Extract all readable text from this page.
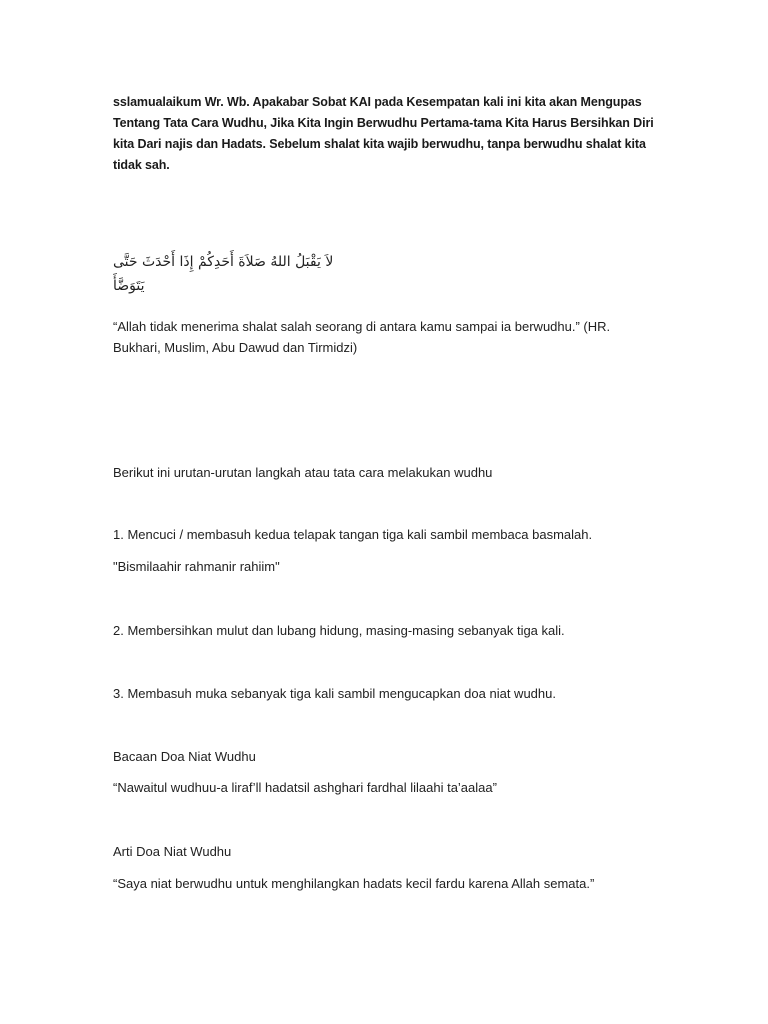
sslamualaikum Wr. Wb. Apakabar Sobat KAI pada Kesempatan kali ini kita akan Mengupas Tentang Tata Cara Wudhu, Jika Kita Ingin Berwudhu Pertama-tama Kita Harus Bersihkan Diri kita Dari najis dan Hadats. Sebelum shalat kita wajib berwudhu, tanpa berwudhu shalat kita tidak sah.

لاَ يَقْبَلُ اللهُ صَلاَةَ أَحَدِكُمْ إِذَا أَحْدَثَ حَتَّى يَتَوَضَّأَ
“Allah tidak menerima shalat salah seorang di antara kamu sampai ia berwudhu.” (HR. Bukhari, Muslim, Abu Dawud dan Tirmidzi)
Berikut ini urutan-urutan langkah atau tata cara melakukan wudhu
1. Mencuci / membasuh kedua telapak tangan tiga kali sambil membaca basmalah.
"Bismilaahir rahmanir rahiim"
2. Membersihkan mulut dan lubang hidung, masing-masing sebanyak tiga kali.
3. Membasuh muka sebanyak tiga kali sambil mengucapkan doa niat wudhu.
Bacaan Doa Niat Wudhu
“Nawaitul wudhuu-a liraf’ll hadatsil ashghari fardhal lilaahi ta’aalaa”
Arti Doa Niat Wudhu
“Saya niat berwudhu untuk menghilangkan hadats kecil fardu karena Allah semata.”
